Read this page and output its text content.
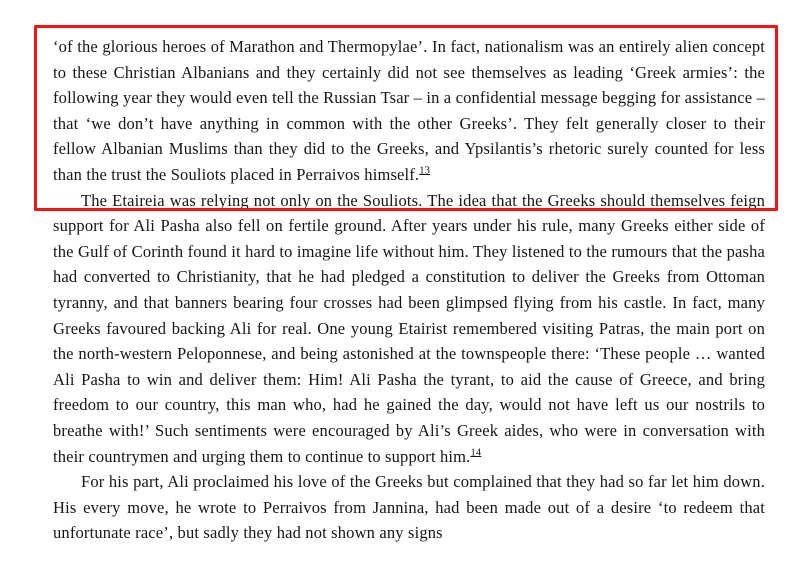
‘of the glorious heroes of Marathon and Thermopylae’. In fact, nationalism was an entirely alien concept to these Christian Albanians and they certainly did not see themselves as leading ‘Greek armies’: the following year they would even tell the Russian Tsar – in a confidential message begging for assistance – that ‘we don’t have anything in common with the other Greeks’. They felt generally closer to their fellow Albanian Muslims than they did to the Greeks, and Ypsilantis’s rhetoric surely counted for less than the trust the Souliots placed in Perraivos himself.$^{13}$

The Etaireia was relying not only on the Souliots. The idea that the Greeks should themselves feign support for Ali Pasha also fell on fertile ground. After years under his rule, many Greeks either side of the Gulf of Corinth found it hard to imagine life without him. They listened to the rumours that the pasha had converted to Christianity, that he had pledged a constitution to deliver the Greeks from Ottoman tyranny, and that banners bearing four crosses had been glimpsed flying from his castle. In fact, many Greeks favoured backing Ali for real. One young Etairist remembered visiting Patras, the main port on the north-western Peloponnese, and being astonished at the townspeople there: ‘These people … wanted Ali Pasha to win and deliver them: Him! Ali Pasha the tyrant, to aid the cause of Greece, and bring freedom to our country, this man who, had he gained the day, would not have left us our nostrils to breathe with!’ Such sentiments were encouraged by Ali’s Greek aides, who were in conversation with their countrymen and urging them to continue to support him.$^{14}$

For his part, Ali proclaimed his love of the Greeks but complained that they had so far let him down. His every move, he wrote to Perraivos from Jannina, had been made out of a desire ‘to redeem that unfortunate race’, but sadly they had not shown any signs
